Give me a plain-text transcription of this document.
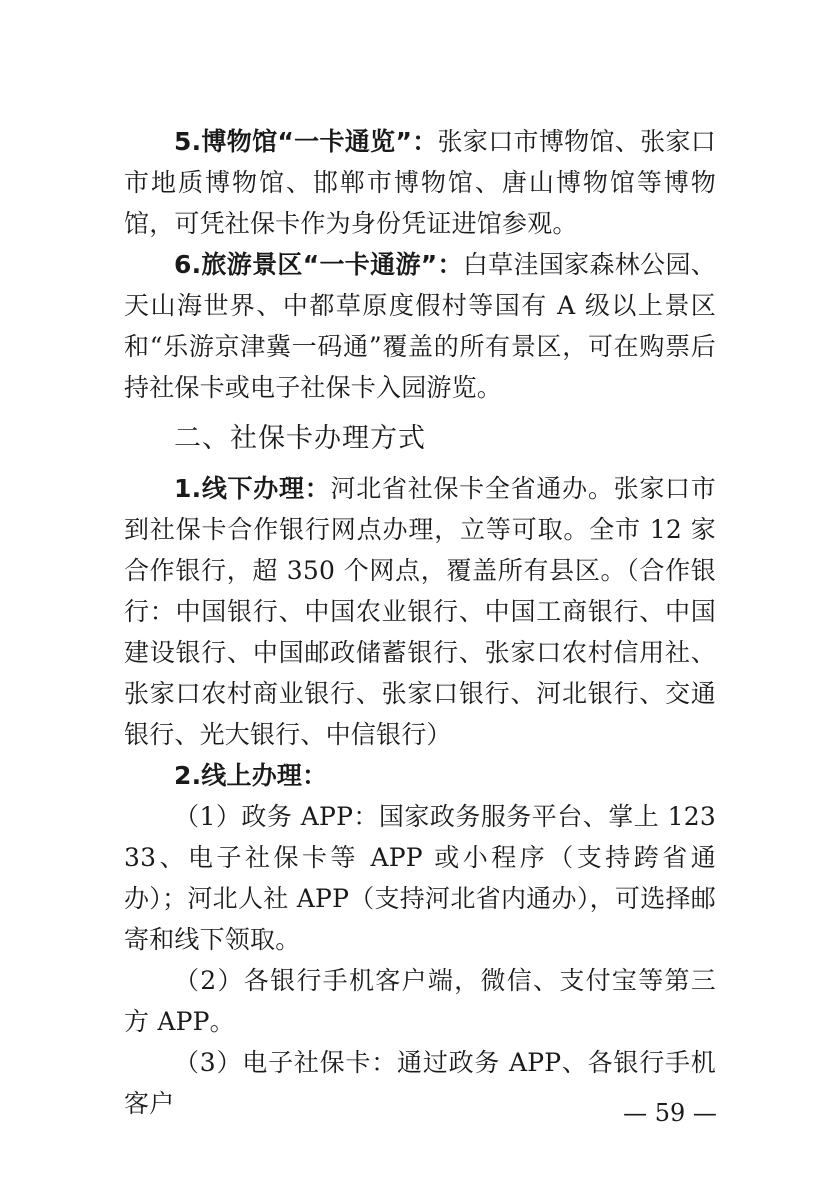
5.博物馆“一卡通览”：张家口市博物馆、张家口市地质博物馆、邯郸市博物馆、唐山博物馆等博物馆，可凭社保卡作为身份凭证进馆参观。

6.旅游景区“一卡通游”：白草洼国家森林公园、天山海世界、中都草原度假村等国有 A 级以上景区和“乐游京津冀一码通”覆盖的所有景区，可在购票后持社保卡或电子社保卡入园游览。

二、社保卡办理方式

1.线下办理：河北省社保卡全省通办。张家口市到社保卡合作银行网点办理，立等可取。全市 12 家合作银行，超 350 个网点，覆盖所有县区。（合作银行：中国银行、中国农业银行、中国工商银行、中国建设银行、中国邮政储蓄银行、张家口农村信用社、张家口农村商业银行、张家口银行、河北银行、交通银行、光大银行、中信银行）

2.线上办理：

（1）政务 APP：国家政务服务平台、掌上 12333、电子社保卡等 APP 或小程序（支持跨省通办）；河北人社 APP（支持河北省内通办），可选择邮寄和线下领取。

（2）各银行手机客户端，微信、支付宝等第三方 APP。

（3）电子社保卡：通过政务 APP、各银行手机客户	— 59 —
